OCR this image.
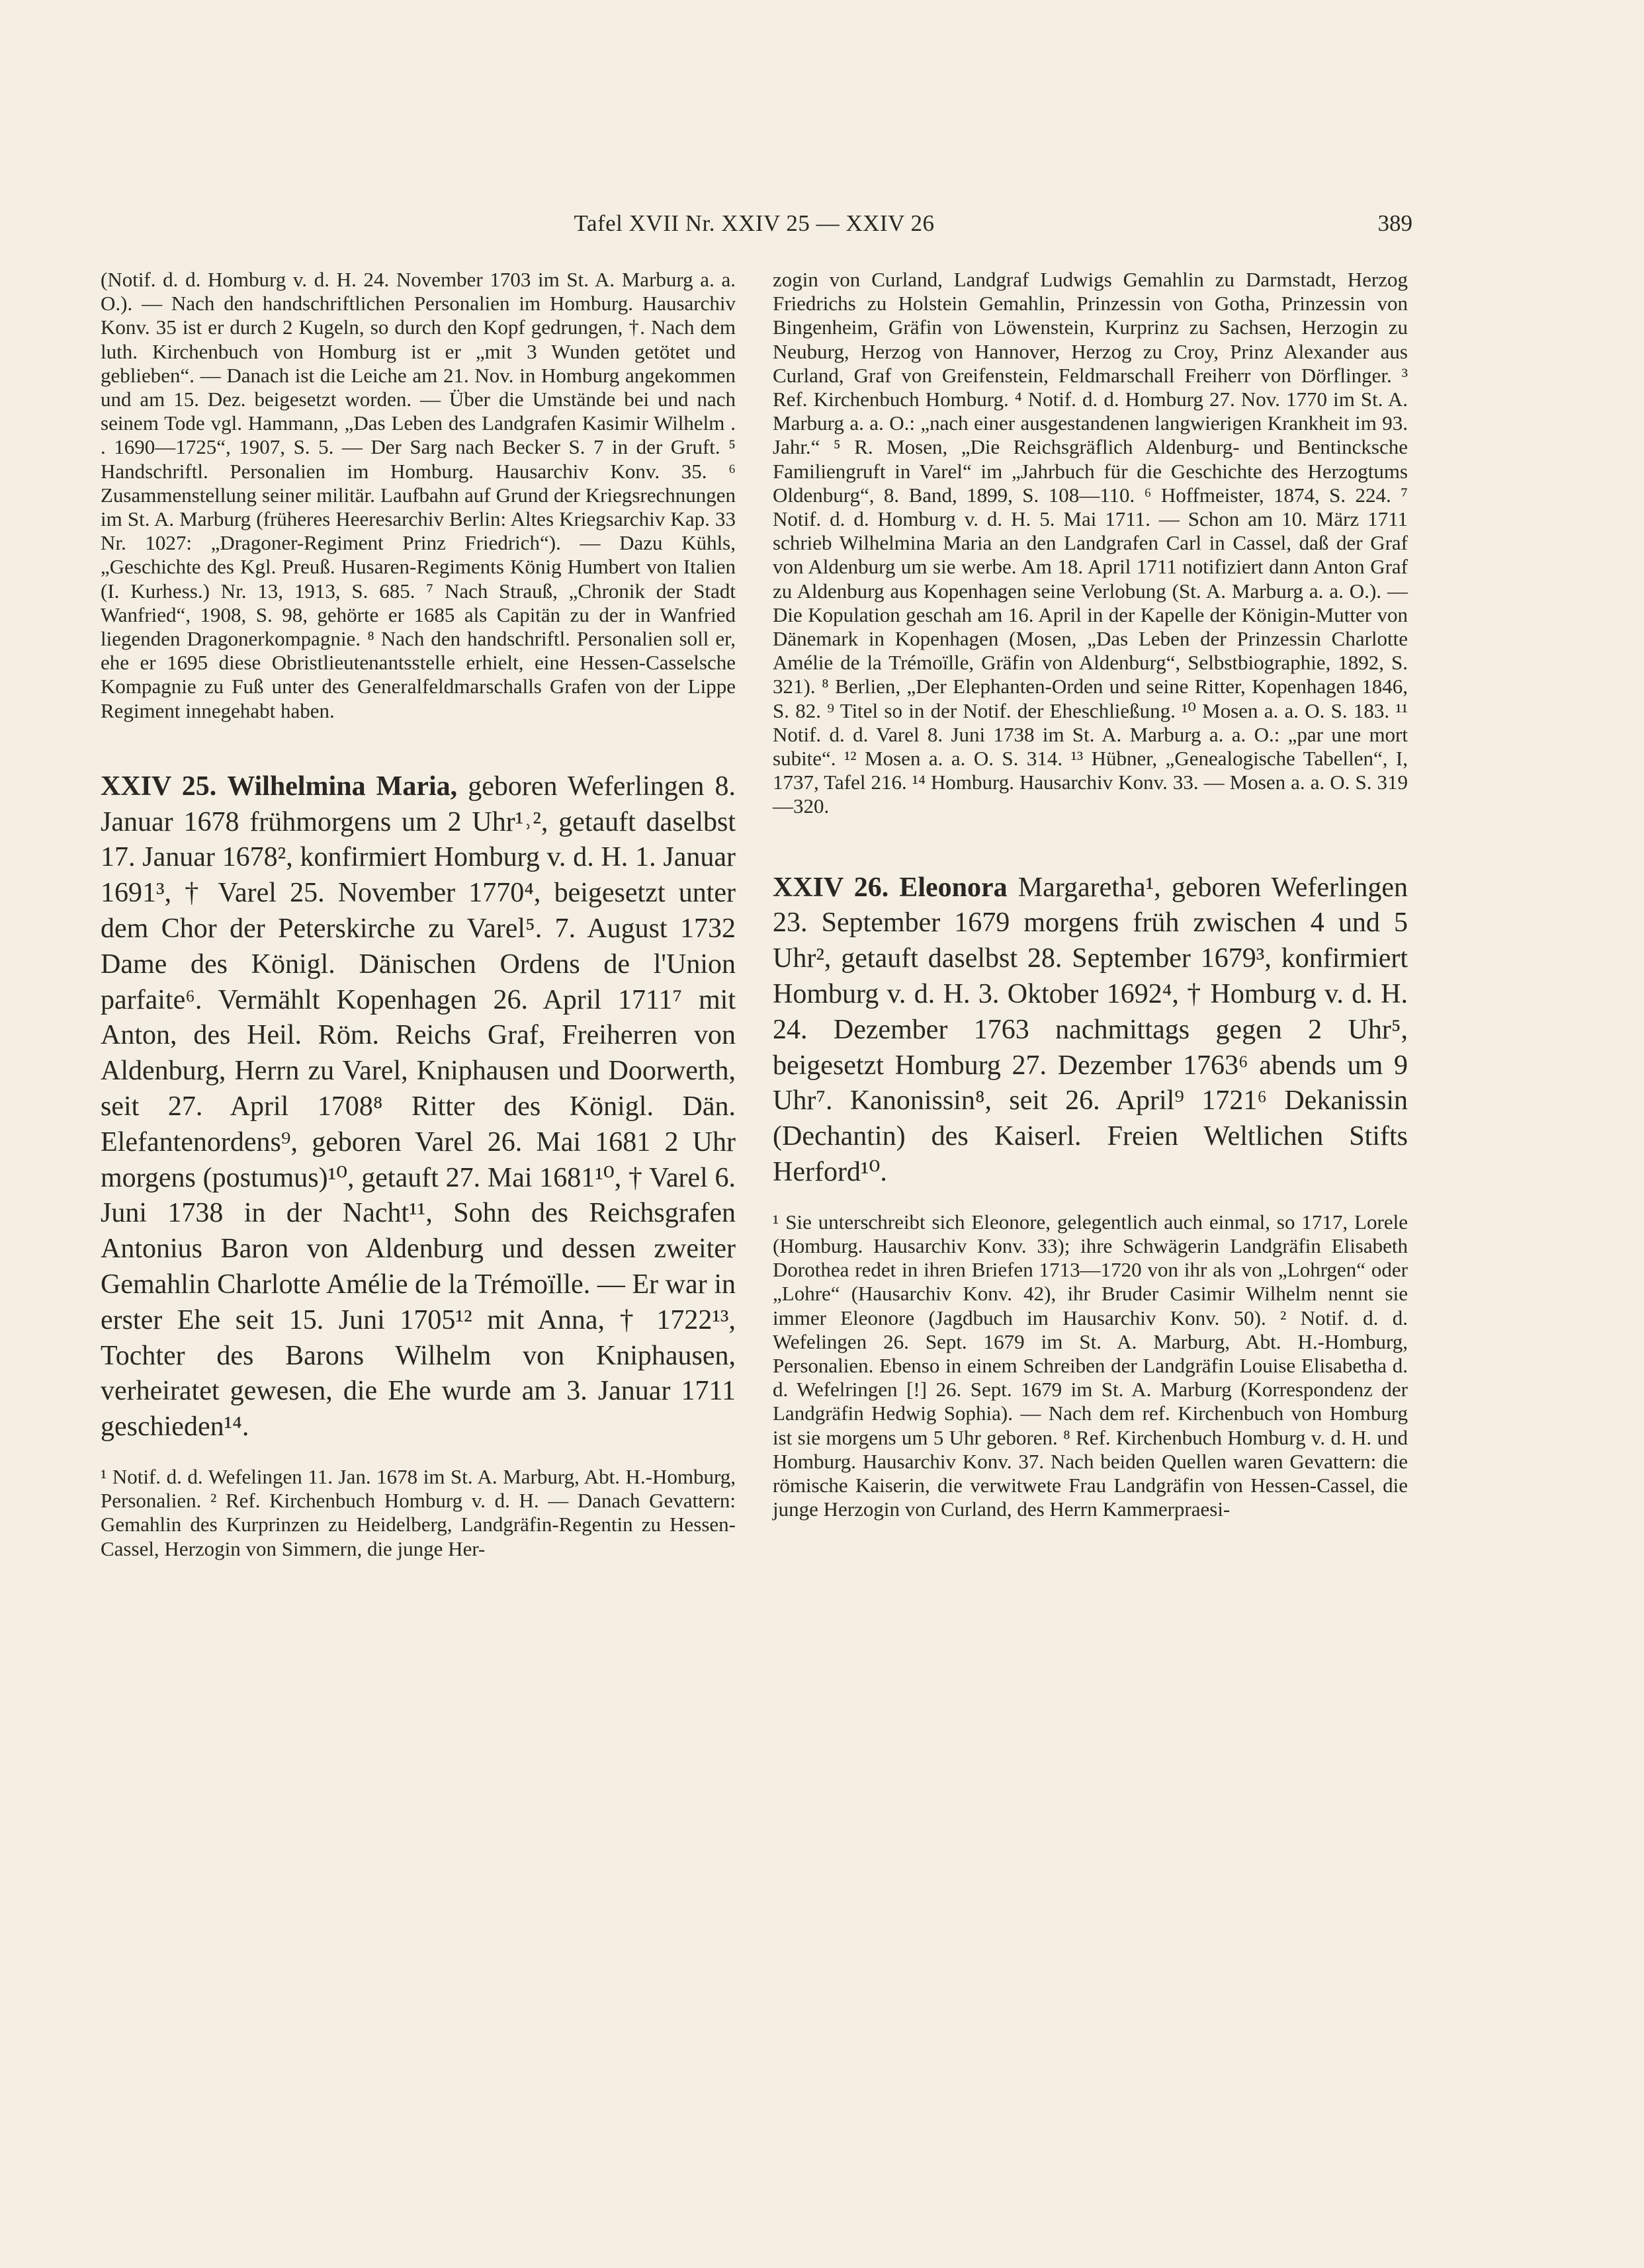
Tafel XVII Nr. XXIV 25 — XXIV 26	389

(Notif. d. d. Homburg v. d. H. 24. November 1703 im St. A. Marburg a. a. O.). — Nach den handschriftlichen Personalien im Homburg. Hausarchiv Konv. 35 ist er durch 2 Kugeln, so durch den Kopf gedrungen, †. Nach dem luth. Kirchenbuch von Homburg ist er „mit 3 Wunden getötet und geblieben“. — Danach ist die Leiche am 21. Nov. in Homburg angekommen und am 15. Dez. beigesetzt worden. — Über die Umstände bei und nach seinem Tode vgl. Hammann, „Das Leben des Landgrafen Kasimir Wilhelm . . 1690—1725“, 1907, S. 5. — Der Sarg nach Becker S. 7 in der Gruft. ⁵ Handschriftl. Personalien im Homburg. Hausarchiv Konv. 35. ⁶ Zusammenstellung seiner militär. Laufbahn auf Grund der Kriegsrechnungen im St. A. Marburg (früheres Heeresarchiv Berlin: Altes Kriegsarchiv Kap. 33 Nr. 1027: „Dragoner-Regiment Prinz Friedrich“). — Dazu Kühls, „Geschichte des Kgl. Preuß. Husaren-Regiments König Humbert von Italien (I. Kurhess.) Nr. 13, 1913, S. 685. ⁷ Nach Strauß, „Chronik der Stadt Wanfried“, 1908, S. 98, gehörte er 1685 als Capitän zu der in Wanfried liegenden Dragonerkompagnie. ⁸ Nach den handschriftl. Personalien soll er, ehe er 1695 diese Obristlieutenantsstelle erhielt, eine Hessen-Casselsche Kompagnie zu Fuß unter des Generalfeldmarschalls Grafen von der Lippe Regiment innegehabt haben.

XXIV 25. Wilhelmina Maria, geboren Weferlingen 8. Januar 1678 frühmorgens um 2 Uhr¹˒², getauft daselbst 17. Januar 1678², konfirmiert Homburg v. d. H. 1. Januar 1691³, † Varel 25. November 1770⁴, beigesetzt unter dem Chor der Peterskirche zu Varel⁵. 7. August 1732 Dame des Königl. Dänischen Ordens de l'Union parfaite⁶. Vermählt Kopenhagen 26. April 1711⁷ mit Anton, des Heil. Röm. Reichs Graf, Freiherren von Aldenburg, Herrn zu Varel, Kniphausen und Doorwerth, seit 27. April 1708⁸ Ritter des Königl. Dän. Elefantenordens⁹, geboren Varel 26. Mai 1681 2 Uhr morgens (postumus)¹⁰, getauft 27. Mai 1681¹⁰, † Varel 6. Juni 1738 in der Nacht¹¹, Sohn des Reichsgrafen Antonius Baron von Aldenburg und dessen zweiter Gemahlin Charlotte Amélie de la Trémoïlle. — Er war in erster Ehe seit 15. Juni 1705¹² mit Anna, † 1722¹³, Tochter des Barons Wilhelm von Kniphausen, verheiratet gewesen, die Ehe wurde am 3. Januar 1711 geschieden¹⁴.

¹ Notif. d. d. Wefelingen 11. Jan. 1678 im St. A. Marburg, Abt. H.-Homburg, Personalien. ² Ref. Kirchenbuch Homburg v. d. H. — Danach Gevattern: Gemahlin des Kurprinzen zu Heidelberg, Landgräfin-Regentin zu Hessen-Cassel, Herzogin von Simmern, die junge Her-

zogin von Curland, Landgraf Ludwigs Gemahlin zu Darmstadt, Herzog Friedrichs zu Holstein Gemahlin, Prinzessin von Gotha, Prinzessin von Bingenheim, Gräfin von Löwenstein, Kurprinz zu Sachsen, Herzogin zu Neuburg, Herzog von Hannover, Herzog zu Croy, Prinz Alexander aus Curland, Graf von Greifenstein, Feldmarschall Freiherr von Dörflinger. ³ Ref. Kirchenbuch Homburg. ⁴ Notif. d. d. Homburg 27. Nov. 1770 im St. A. Marburg a. a. O.: „nach einer ausgestandenen langwierigen Krankheit im 93. Jahr.“ ⁵ R. Mosen, „Die Reichsgräflich Aldenburg- und Bentincksche Familiengruft in Varel“ im „Jahrbuch für die Geschichte des Herzogtums Oldenburg“, 8. Band, 1899, S. 108—110. ⁶ Hoffmeister, 1874, S. 224. ⁷ Notif. d. d. Homburg v. d. H. 5. Mai 1711. — Schon am 10. März 1711 schrieb Wilhelmina Maria an den Landgrafen Carl in Cassel, daß der Graf von Aldenburg um sie werbe. Am 18. April 1711 notifiziert dann Anton Graf zu Aldenburg aus Kopenhagen seine Verlobung (St. A. Marburg a. a. O.). — Die Kopulation geschah am 16. April in der Kapelle der Königin-Mutter von Dänemark in Kopenhagen (Mosen, „Das Leben der Prinzessin Charlotte Amélie de la Trémoïlle, Gräfin von Aldenburg“, Selbstbiographie, 1892, S. 321). ⁸ Berlien, „Der Elephanten-Orden und seine Ritter, Kopenhagen 1846, S. 82. ⁹ Titel so in der Notif. der Eheschließung. ¹⁰ Mosen a. a. O. S. 183. ¹¹ Notif. d. d. Varel 8. Juni 1738 im St. A. Marburg a. a. O.: „par une mort subite“. ¹² Mosen a. a. O. S. 314. ¹³ Hübner, „Genealogische Tabellen“, I, 1737, Tafel 216. ¹⁴ Homburg. Hausarchiv Konv. 33. — Mosen a. a. O. S. 319—320.

XXIV 26. Eleonora Margaretha¹, geboren Weferlingen 23. September 1679 morgens früh zwischen 4 und 5 Uhr², getauft daselbst 28. September 1679³, konfirmiert Homburg v. d. H. 3. Oktober 1692⁴, † Homburg v. d. H. 24. Dezember 1763 nachmittags gegen 2 Uhr⁵, beigesetzt Homburg 27. Dezember 1763⁶ abends um 9 Uhr⁷. Kanonissin⁸, seit 26. April⁹ 1721⁶ Dekanissin (Dechantin) des Kaiserl. Freien Weltlichen Stifts Herford¹⁰.

¹ Sie unterschreibt sich Eleonore, gelegentlich auch einmal, so 1717, Lorele (Homburg. Hausarchiv Konv. 33); ihre Schwägerin Landgräfin Elisabeth Dorothea redet in ihren Briefen 1713—1720 von ihr als von „Lohrgen“ oder „Lohre“ (Hausarchiv Konv. 42), ihr Bruder Casimir Wilhelm nennt sie immer Eleonore (Jagdbuch im Hausarchiv Konv. 50). ² Notif. d. d. Wefelingen 26. Sept. 1679 im St. A. Marburg, Abt. H.-Homburg, Personalien. Ebenso in einem Schreiben der Landgräfin Louise Elisabetha d. d. Wefelringen [!] 26. Sept. 1679 im St. A. Marburg (Korrespondenz der Landgräfin Hedwig Sophia). — Nach dem ref. Kirchenbuch von Homburg ist sie morgens um 5 Uhr geboren. ⁸ Ref. Kirchenbuch Homburg v. d. H. und Homburg. Hausarchiv Konv. 37. Nach beiden Quellen waren Gevattern: die römische Kaiserin, die verwitwete Frau Landgräfin von Hessen-Cassel, die junge Herzogin von Curland, des Herrn Kammerpraesi-
